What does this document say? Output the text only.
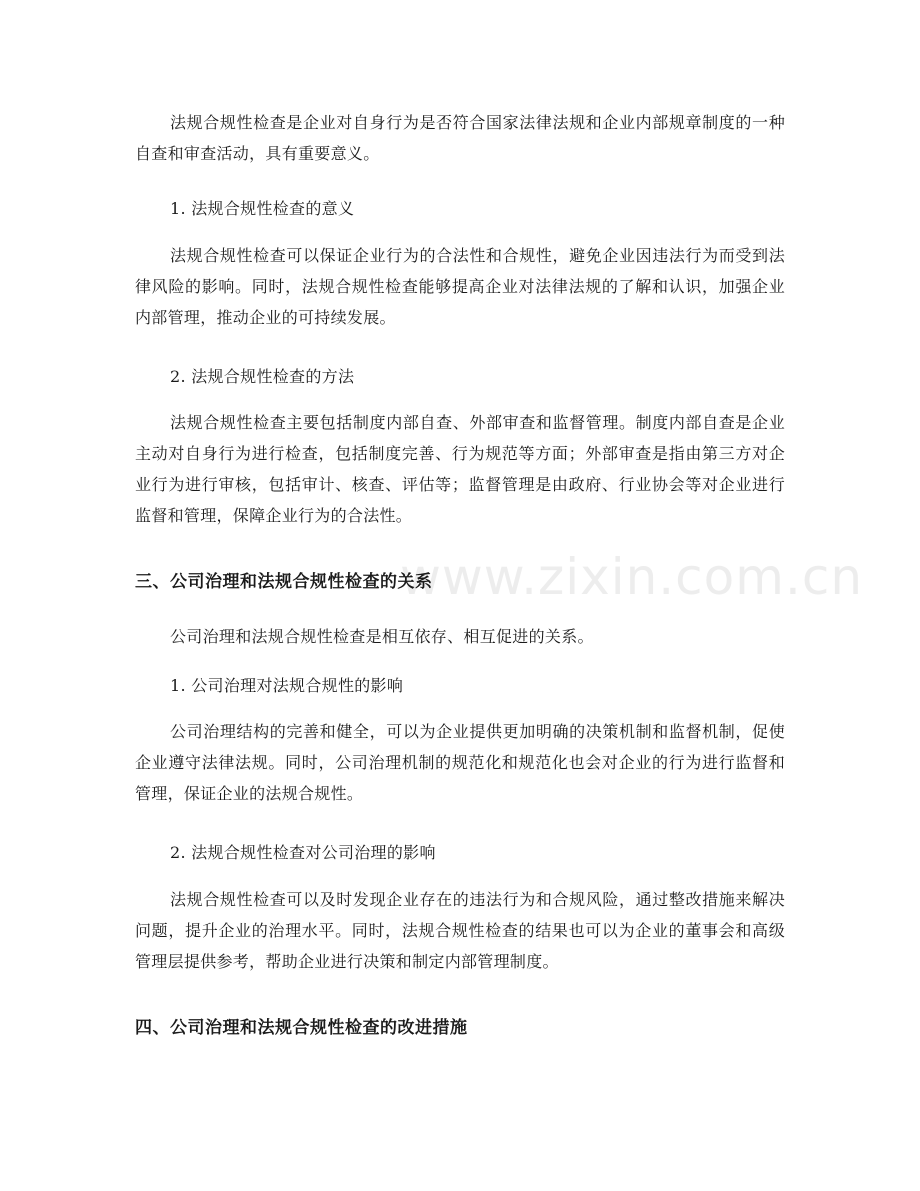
www.zixin.com.cn

法规合规性检查是企业对自身行为是否符合国家法律法规和企业内部规章制度的一种自查和审查活动，具有重要意义。

1. 法规合规性检查的意义

法规合规性检查可以保证企业行为的合法性和合规性，避免企业因违法行为而受到法律风险的影响。同时，法规合规性检查能够提高企业对法律法规的了解和认识，加强企业内部管理，推动企业的可持续发展。

2. 法规合规性检查的方法

法规合规性检查主要包括制度内部自查、外部审查和监督管理。制度内部自查是企业主动对自身行为进行检查，包括制度完善、行为规范等方面；外部审查是指由第三方对企业行为进行审核，包括审计、核查、评估等；监督管理是由政府、行业协会等对企业进行监督和管理，保障企业行为的合法性。

三、公司治理和法规合规性检查的关系

公司治理和法规合规性检查是相互依存、相互促进的关系。

1. 公司治理对法规合规性的影响

公司治理结构的完善和健全，可以为企业提供更加明确的决策机制和监督机制，促使企业遵守法律法规。同时，公司治理机制的规范化和规范化也会对企业的行为进行监督和管理，保证企业的法规合规性。

2. 法规合规性检查对公司治理的影响

法规合规性检查可以及时发现企业存在的违法行为和合规风险，通过整改措施来解决问题，提升企业的治理水平。同时，法规合规性检查的结果也可以为企业的董事会和高级管理层提供参考，帮助企业进行决策和制定内部管理制度。

四、公司治理和法规合规性检查的改进措施
